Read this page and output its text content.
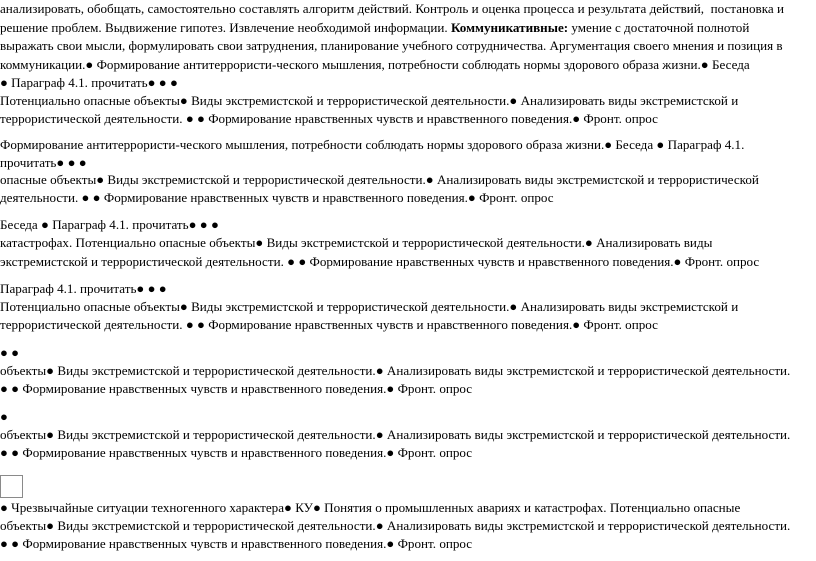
анализировать, обобщать, самостоятельно составлять алгоритм действий. Контроль и оценка процесса и результата действий,  постановка и
решение проблем. Выдвижение гипотез. Извлечение необходимой информации. Коммуникативные: умение с достаточной полнотой
выражать свои мысли, формулировать свои затруднения, планирование учебного сотрудничества. Аргументация своего мнения и позиция в
коммуникации.● Формирование антитеррористи-ческого мышления, потребности соблюдать нормы здорового образа жизни.● Беседа
● Параграф 4.1. прочитать● ● ●
Потенциально опасные объекты● Виды экстремистской и террористической деятельности.● Анализировать виды экстремистской и
террористической деятельности. ● ● Формирование нравственных чувств и нравственного поведения.● Фронт. опрос
Формирование антитеррористи-ческого мышления, потребности соблюдать нормы здорового образа жизни.● Беседа ● Параграф 4.1.
прочитать● ● ●
опасные объекты● Виды экстремистской и террористической деятельности.● Анализировать виды экстремистской и террористической
деятельности. ● ● Формирование нравственных чувств и нравственного поведения.● Фронт. опрос
Беседа ● Параграф 4.1. прочитать● ● ●
катастрофах. Потенциально опасные объекты● Виды экстремистской и террористической деятельности.● Анализировать виды
экстремистской и террористической деятельности. ● ● Формирование нравственных чувств и нравственного поведения.● Фронт. опрос
Параграф 4.1. прочитать● ● ●
Потенциально опасные объекты● Виды экстремистской и террористической деятельности.● Анализировать виды экстремистской и
террористической деятельности. ● ● Формирование нравственных чувств и нравственного поведения.● Фронт. опрос
● ●
объекты● Виды экстремистской и террористической деятельности.● Анализировать виды экстремистской и террористической деятельности.
● ● Формирование нравственных чувств и нравственного поведения.● Фронт. опрос
●
объекты● Виды экстремистской и террористической деятельности.● Анализировать виды экстремистской и террористической деятельности.
● ● Формирование нравственных чувств и нравственного поведения.● Фронт. опрос
● Чрезвычайные ситуации техногенного характера● КУ● Понятия о промышленных авариях и катастрофах. Потенциально опасные
объекты● Виды экстремистской и террористической деятельности.● Анализировать виды экстремистской и террористической деятельности.
● ● Формирование нравственных чувств и нравственного поведения.● Фронт. опрос
